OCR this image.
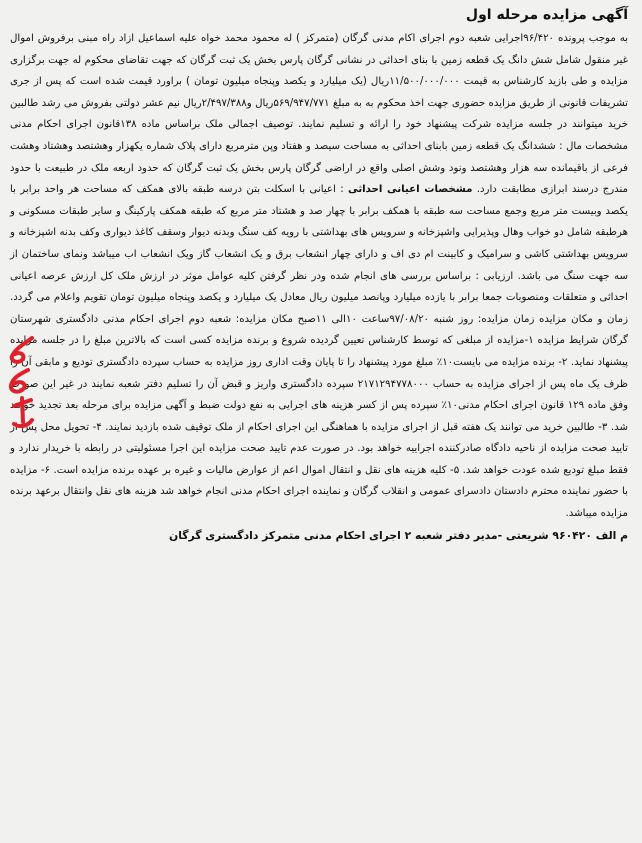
آگهی مزایده مرحله اول

به موجب پرونده ۹۶/۴۲۰اجرایی شعبه دوم اجرای اکام مدنی گرگان (متمرکز ) له محمود محمد خواه علیه اسماعیل ازاد راه مبنی برفروش اموال غیر منقول شامل شش دانگ یک قطعه زمین با بنای احداثی در نشانی گرگان پارس بخش یک ثبت گرگان که جهت تقاضای محکوم له جهت برگزاری مزایده و طی بازید کارشناس به قیمت ۱۱/۵۰۰/۰۰۰/۰۰۰ریال (یک میلیارد و یکصد وپنجاه میلیون تومان ) براورد قیمت شده است که پس از جری تشریفات قانونی از طریق مزایده حضوری جهت اخذ محکوم به به مبلغ ۵۶۹/۹۴۷/۷۷۱ریال و۲/۴۹۷/۳۸۸ریال نیم عشر دولتی بفروش می رشد طالبین خرید میتوانند در جلسه مزایده شرکت پیشنهاد خود را ارائه و تسلیم نمایند. توصیف اجمالی ملک براساس ماده ۱۳۸قانون اجرای احکام مدنی مشخصات مال : ششدانگ یک قطعه زمین بابنای احداثی به مساحت سیصد و هفتاد وپن مترمربع دارای پلاک شماره یکهزار وهشتصد وهشتاد وهشت فرعی از باقیمانده سه هزار وهشتصد ونود وشش اصلی واقع در اراضی گرگان پارس بخش یک ثبت گرگان که حدود اربعه ملک در طبیعت با حدود مندرج درسند ابرازی مطابقت دارد. مشخصات اعیانی احداثی : اعیانی با اسکلت بتن درسه طبقه بالای همکف که مساحت هر واحد برابر با یکصد وبیست متر مربع وجمع مساحت سه طبقه با همکف برابر با چهار صد و هشتاد متر مربع که طبقه همکف پارکینگ و سایر طبقات مسکونی و هرطبقه شامل دو خواب وهال وپذیرایی واشپزخانه و سرویس های بهداشتی با رویه کف سنگ وبدنه دیوار وسقف کاغذ دیواری وکف بدنه اشپزخانه و سرویس بهداشتی کاشی و سرامیک و کابینت ام دی اف و دارای چهار انشعاب برق و یک انشعاب گاز ویک انشعاب اب میباشد ونمای ساختمان از سه جهت سنگ می باشد. ارزیابی : براساس بررسی های انجام شده ودر نظر گرفتن کلیه عوامل موثر در ارزش ملک کل ارزش عرصه اعیانی احداثی و متعلقات ومنصوبات جمعا برابر با یازده میلیارد وپانصد میلیون ریال معادل یک میلیارد و یکصد وپنجاه میلیون تومان تقویم واعلام می گردد. زمان و مکان مزایده زمان مزایده: روز شنبه ۹۷/۰۸/۲۰ساعت ۱۰الی ۱۱صبح مکان مزایده: شعبه دوم اجرای احکام مدنی دادگستری شهرستان گرگان شرایط مزایده ۱-مزایده از مبلغی که توسط کارشناس تعیین گردیده شروع و برنده مزایده کسی است که بالاترین مبلغ را در جلسه مزایده پیشنهاد نماید. ۲- برنده مزایده می بایست۱۰٪ مبلغ مورد پیشنهاد را تا پایان وقت اداری روز مزایده به حساب سپرده دادگستری تودیع و مابقی آن را ظرف یک ماه پس از اجرای مزایده به حساب ۲۱۷۱۲۹۴۷۷۸۰۰۰ سپرده دادگستری واریز و قبض آن را تسلیم دفتر شعبه نمایند در غیر این صورت وفق ماده ۱۲۹ قانون اجرای احکام مدنی۱۰٪ سپرده پس از کسر هزینه های اجرایی به نفع دولت ضبط و آگهی مزایده برای مرحله بعد تجدید خواهد شد. ۳- طالبین خرید می توانند یک هفته قبل از اجرای مزایده با هماهنگی این اجرای احکام از ملک توقیف شده بازدید نمایند. ۴- تحویل محل پس از تایید صحت مزایده از ناحیه دادگاه صادرکننده اجراییه خواهد بود. در صورت عدم تایید صحت مزایده این اجرا مسئولیتی در رابطه با خریدار ندارد و فقط مبلغ تودیع شده عودت خواهد شد. ۵- کلیه هزینه های نقل و انتقال اموال اعم از عوارض مالیات و غیره بر عهده برنده مزایده است. ۶- مزایده با حضور نماینده محترم دادستان دادسرای عمومی و انقلاب گرگان و نماینده اجرای احکام مدنی انجام خواهد شد هزینه های نقل وانتقال برعهد برنده مزایده میباشد.

م الف ۹۶۰۴۲۰ شریعتی -مدیر دفتر شعبه ۲ اجرای احکام مدنی متمرکز دادگستری گرگان
